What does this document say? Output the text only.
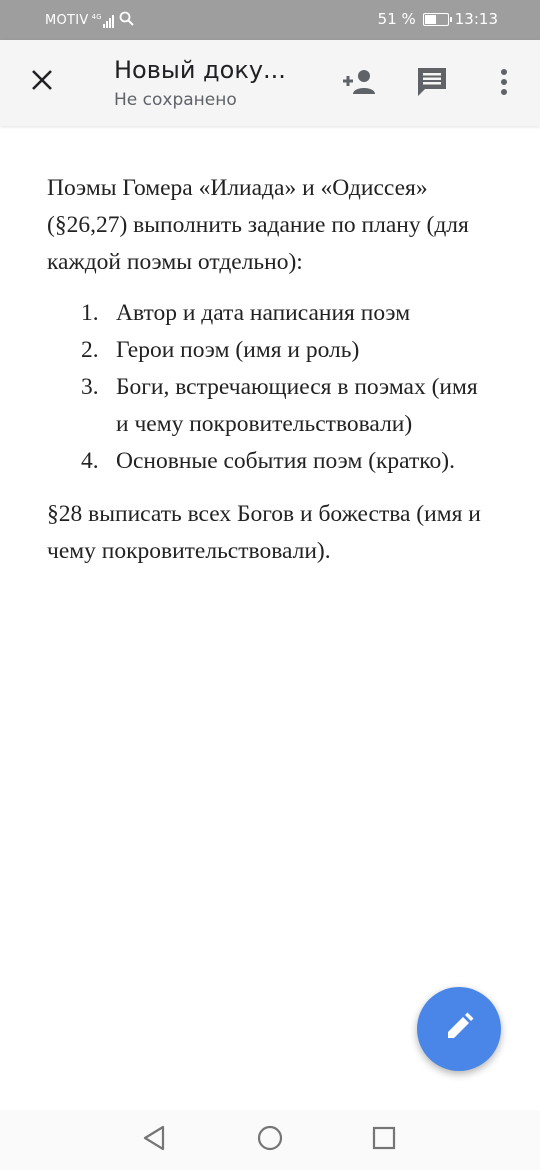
MOTIV 4G	51 %	13:13
Новый доку...
Не сохранено

Поэмы Гомера «Илиада» и «Одиссея» (§26,27) выполнить задание по плану (для каждой поэмы отдельно):

1. Автор и дата написания поэм
2. Герои поэм (имя и роль)
3. Боги, встречающиеся в поэмах (имя и чему покровительствовали)
4. Основные события поэм (кратко).

§28 выписать всех Богов и божества (имя и чему покровительствовали).
